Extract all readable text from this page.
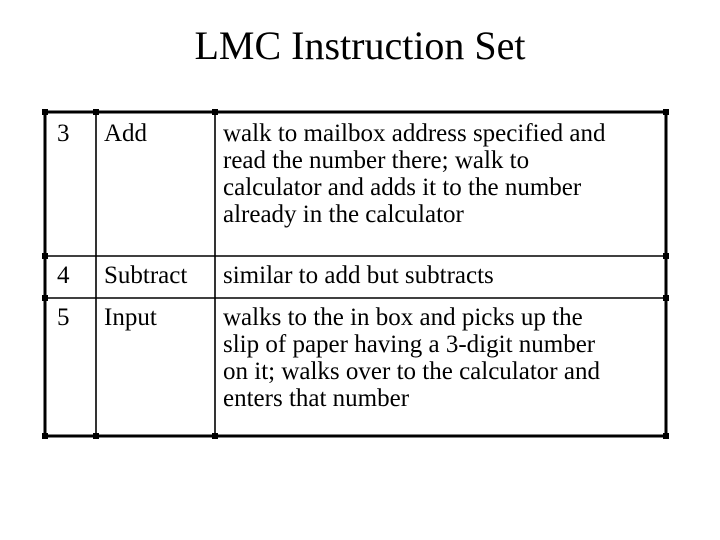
LMC Instruction Set
3 Add	walk to mailbox address specified and
read the number there; walk to
calculator and adds it to the number
already in the calculator
4 Subtract similar to add but subtracts
5 Input	walks to the in box and picks up the
slip of paper having a 3-digit number
on it; walks over to the calculator and
enters that number
